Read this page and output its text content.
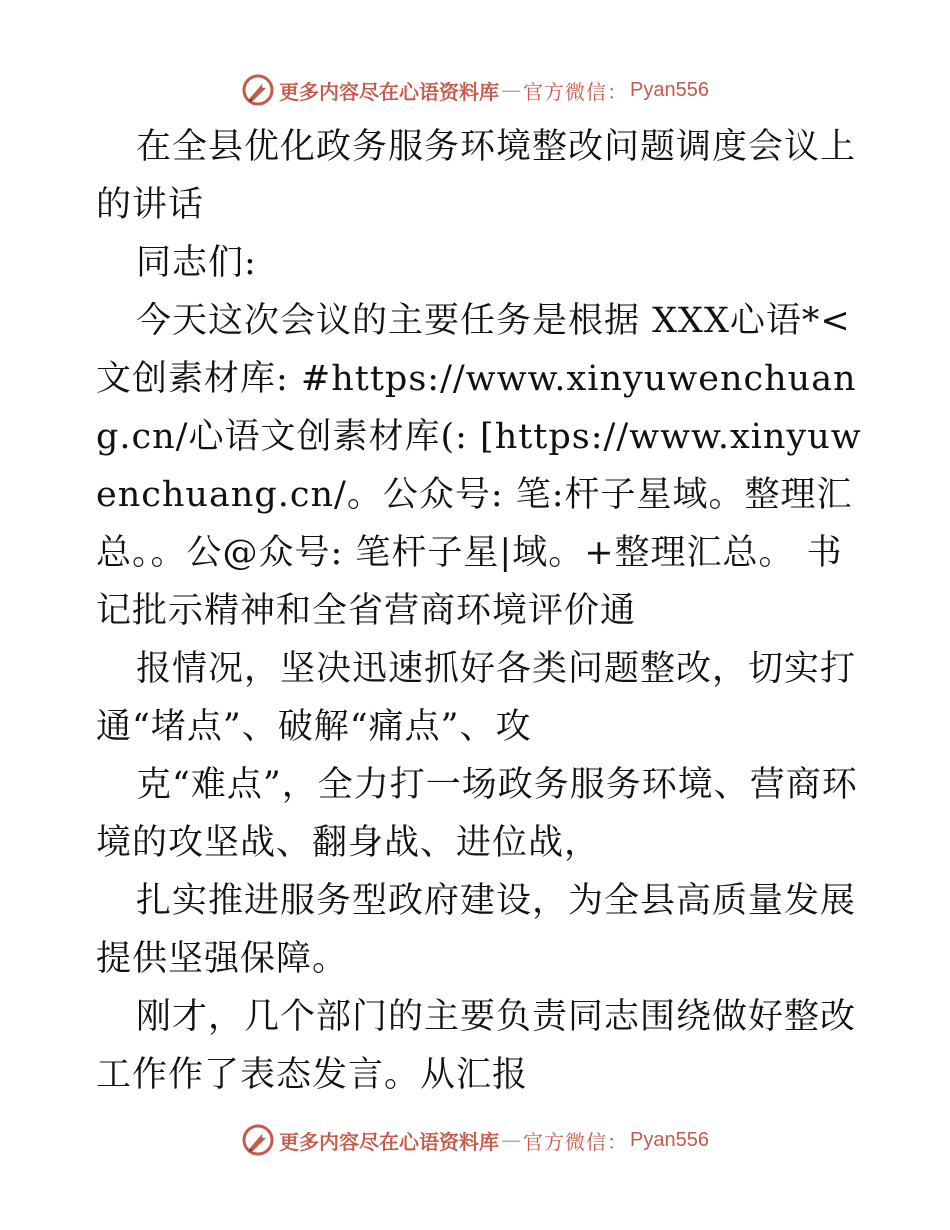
更多内容尽在心语资料库 — 官方微信： Pyan556

在全县优化政务服务环境整改问题调度会议上的讲话

同志们:

今天这次会议的主要任务是根据 XXX心语*<文创素材库: #https://www.xinyuwenchuang.cn/心语文创素材库(: [https://www.xinyuwenchuang.cn/。公众号: 笔:杆子星域。整理汇总。。公@众号: 笔杆子星|域。+整理汇总。 书记批示精神和全省营商环境评价通

报情况，坚决迅速抓好各类问题整改，切实打通“堵点”、破解“痛点”、攻

克“难点”，全力打一场政务服务环境、营商环境的攻坚战、翻身战、进位战，

扎实推进服务型政府建设，为全县高质量发展提供坚强保障。

刚才，几个部门的主要负责同志围绕做好整改工作作了表态发言。从汇报

更多内容尽在心语资料库 — 官方微信： Pyan556
